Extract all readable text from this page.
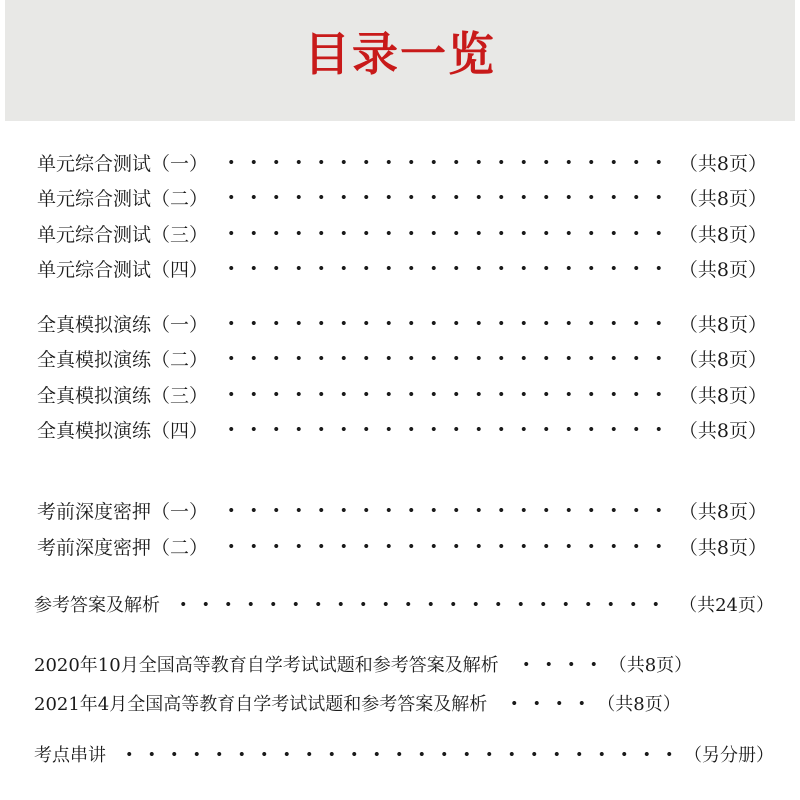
目录一览
单元综合测试（一）	（共8页）
单元综合测试（二）	（共8页）
单元综合测试（三）	（共8页）
单元综合测试（四）	（共8页）
全真模拟演练（一）	（共8页）
全真模拟演练（二）	（共8页）
全真模拟演练（三）	（共8页）
全真模拟演练（四）	（共8页）
考前深度密押（一）	（共8页）
考前深度密押（二）	（共8页）
参考答案及解析	（共24页）
2020年10月全国高等教育自学考试试题和参考答案及解析	（共8页）
2021年4月全国高等教育自学考试试题和参考答案及解析	（共8页）
考点串讲	（另分册）
